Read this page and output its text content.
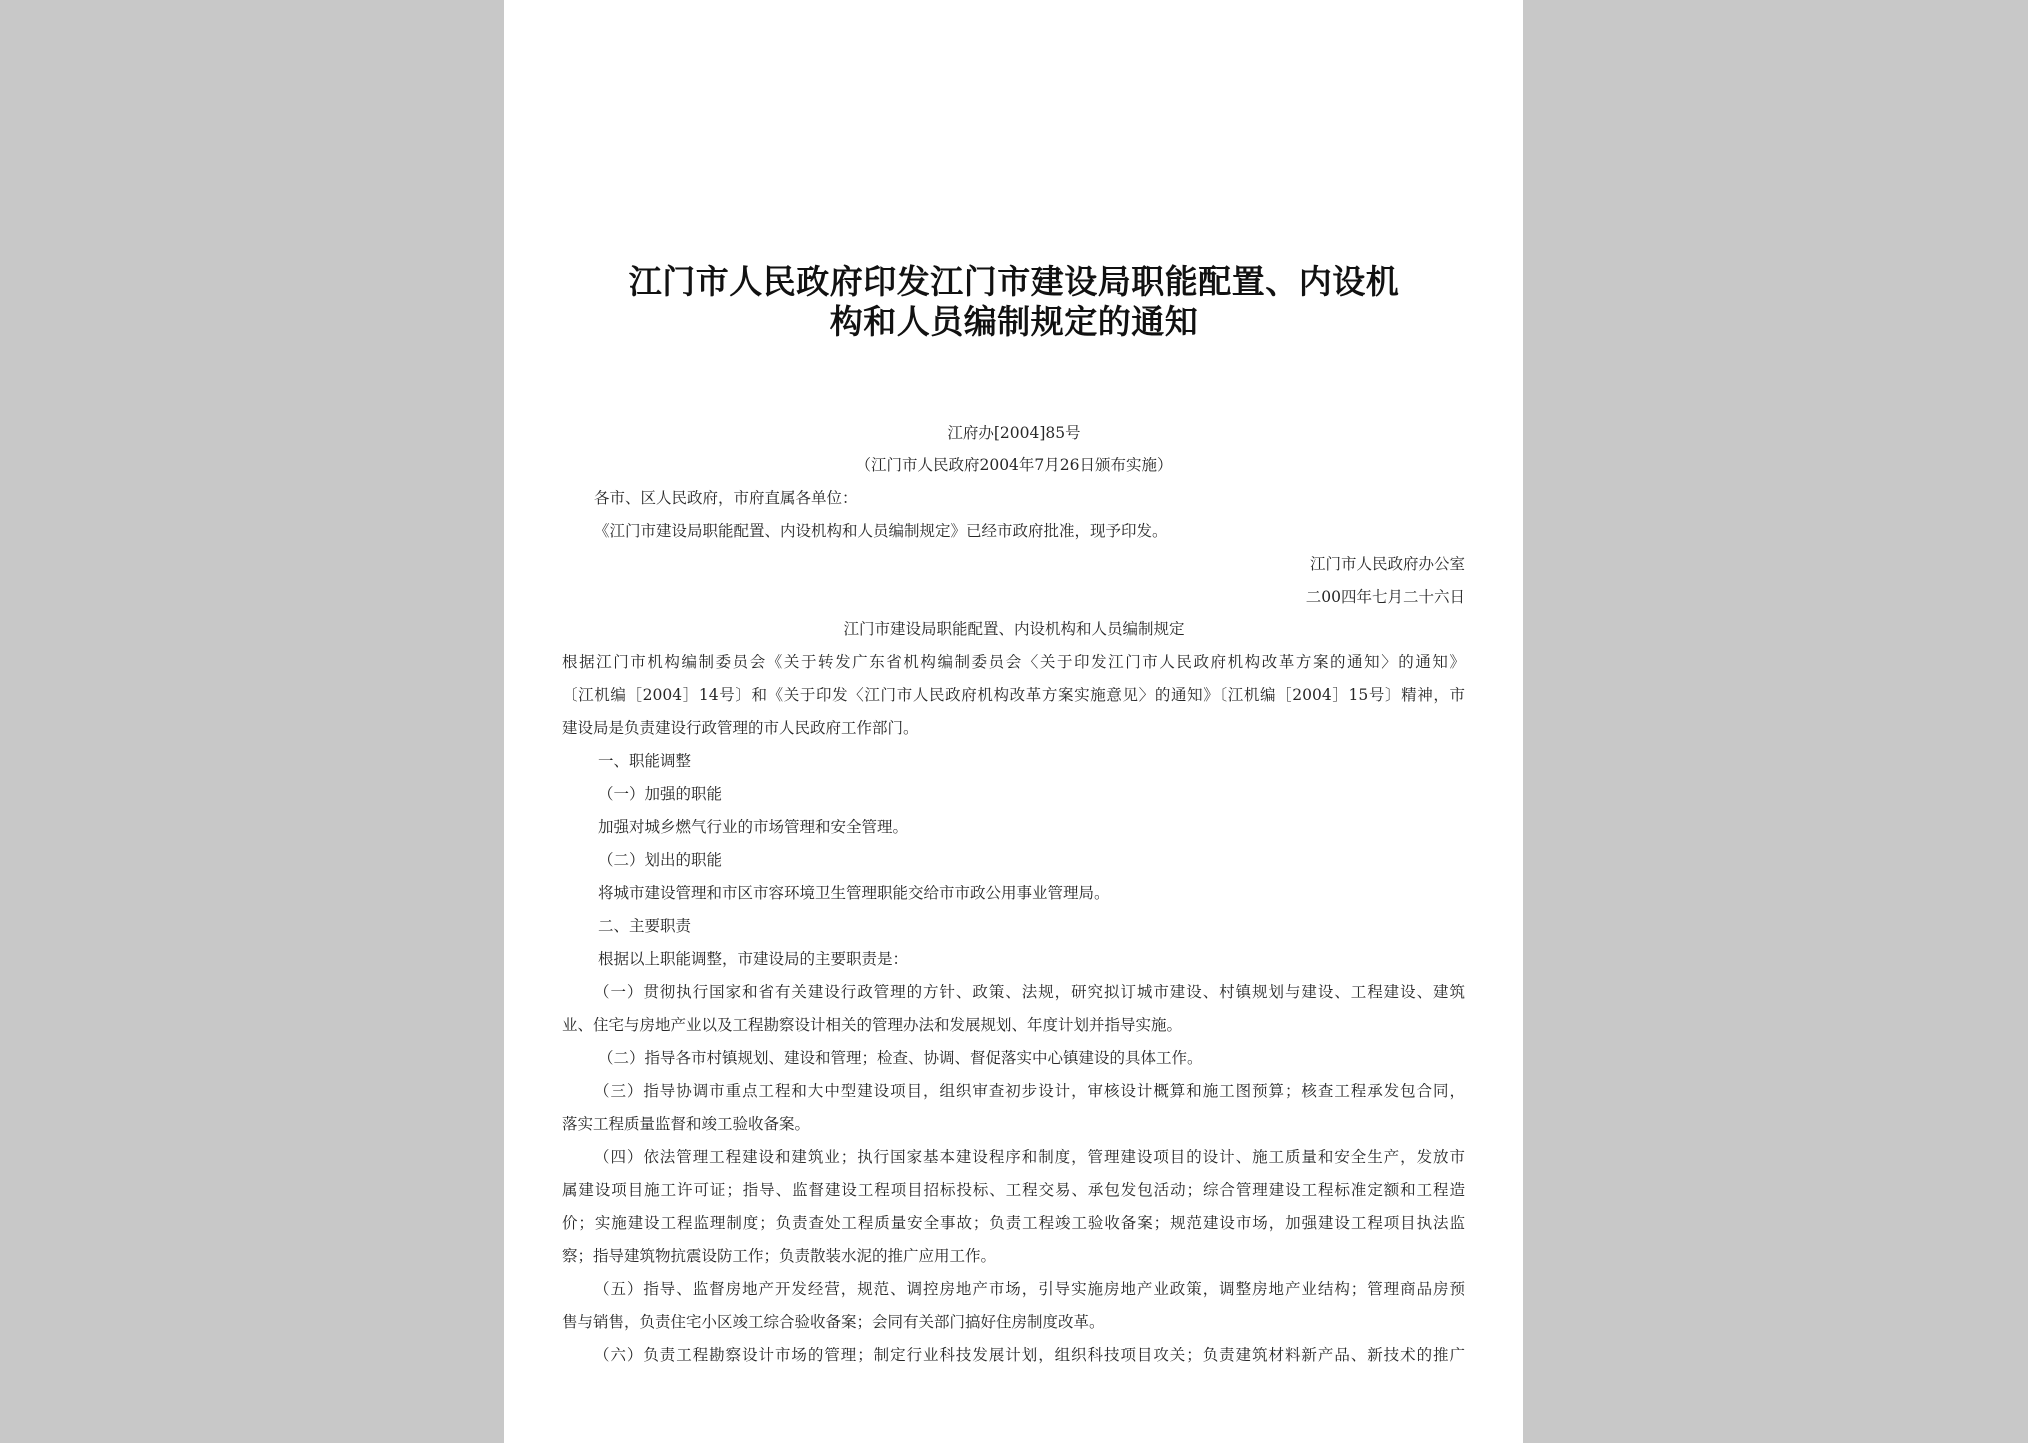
江门市人民政府印发江门市建设局职能配置、内设机
构和人员编制规定的通知
江府办[2004]85号
（江门市人民政府2004年7月26日颁布实施）
各市、区人民政府，市府直属各单位：
《江门市建设局职能配置、内设机构和人员编制规定》已经市政府批准，现予印发。
江门市人民政府办公室
二00四年七月二十六日
江门市建设局职能配置、内设机构和人员编制规定
根据江门市机构编制委员会《关于转发广东省机构编制委员会〈关于印发江门市人民政府机构改革方案的通知〉的通知》
〔江机编［2004］14号〕和《关于印发〈江门市人民政府机构改革方案实施意见〉的通知》〔江机编［2004］15号〕精神，市
建设局是负责建设行政管理的市人民政府工作部门。
一、职能调整
（一）加强的职能
加强对城乡燃气行业的市场管理和安全管理。
（二）划出的职能
将城市建设管理和市区市容环境卫生管理职能交给市市政公用事业管理局。
二、主要职责
根据以上职能调整，市建设局的主要职责是：
（一）贯彻执行国家和省有关建设行政管理的方针、政策、法规，研究拟订城市建设、村镇规划与建设、工程建设、建筑
业、住宅与房地产业以及工程勘察设计相关的管理办法和发展规划、年度计划并指导实施。
（二）指导各市村镇规划、建设和管理；检查、协调、督促落实中心镇建设的具体工作。
（三）指导协调市重点工程和大中型建设项目，组织审查初步设计，审核设计概算和施工图预算；核查工程承发包合同，
落实工程质量监督和竣工验收备案。
（四）依法管理工程建设和建筑业；执行国家基本建设程序和制度，管理建设项目的设计、施工质量和安全生产，发放市
属建设项目施工许可证；指导、监督建设工程项目招标投标、工程交易、承包发包活动；综合管理建设工程标准定额和工程造
价；实施建设工程监理制度；负责查处工程质量安全事故；负责工程竣工验收备案；规范建设市场，加强建设工程项目执法监
察；指导建筑物抗震设防工作；负责散装水泥的推广应用工作。
（五）指导、监督房地产开发经营，规范、调控房地产市场，引导实施房地产业政策，调整房地产业结构；管理商品房预
售与销售，负责住宅小区竣工综合验收备案；会同有关部门搞好住房制度改革。
（六）负责工程勘察设计市场的管理；制定行业科技发展计划，组织科技项目攻关；负责建筑材料新产品、新技术的推广
